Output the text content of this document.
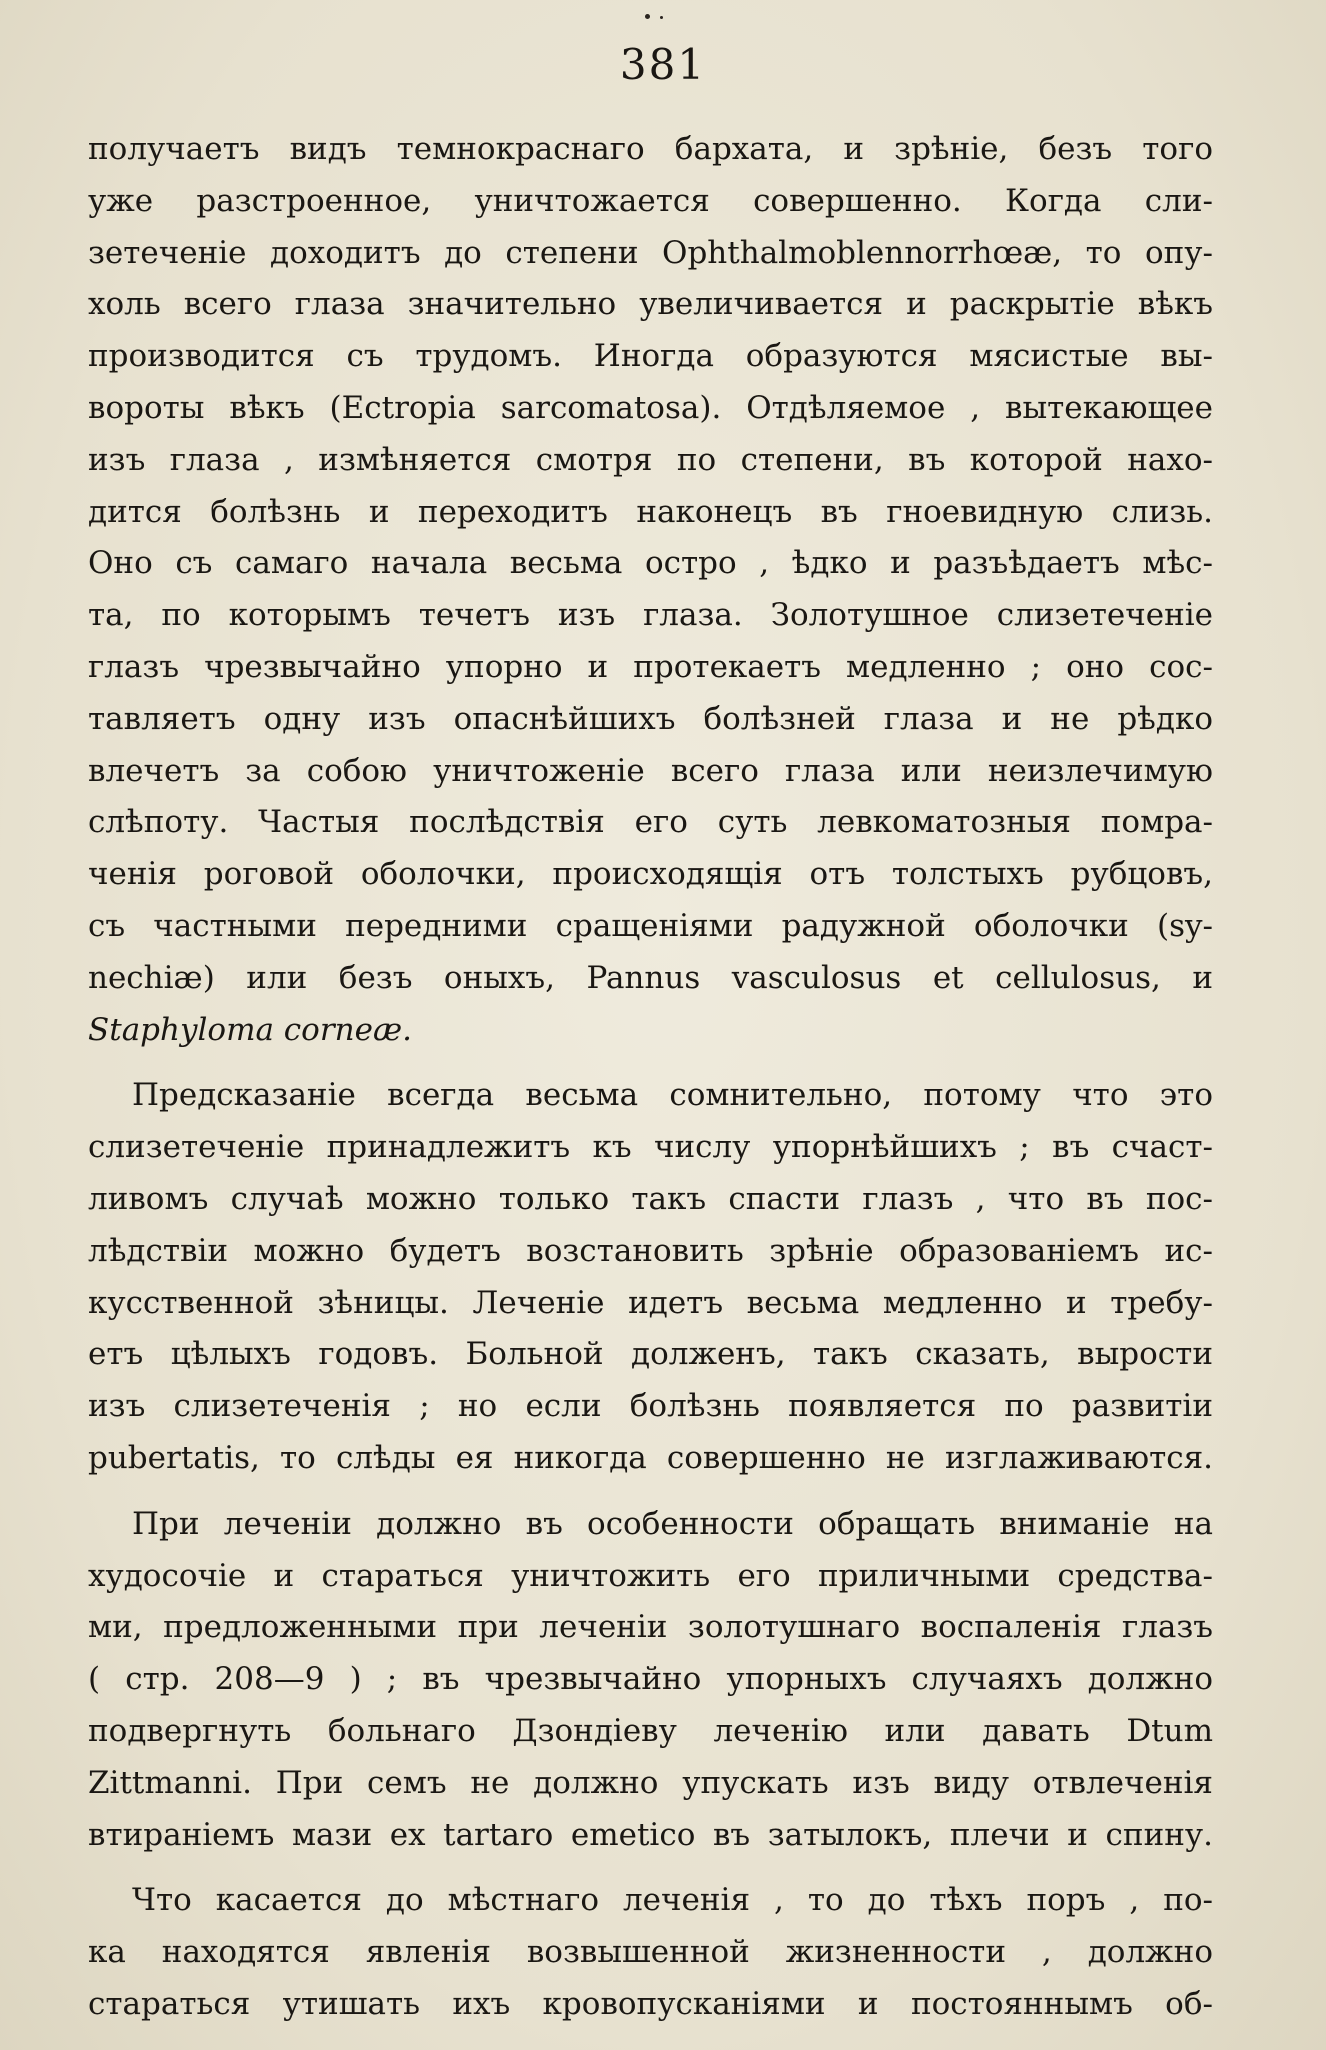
381
получаетъ видъ темнокраснаго бархата, и зрѣніе, безъ того
уже разстроенное, уничтожается совершенно. Когда сли-
зетеченіе доходитъ до степени Ophthalmoblennorrhœæ, то опу-
холь всего глаза значительно увеличивается и раскрытіе вѣкъ
производится съ трудомъ. Иногда образуются мясистые вы-
вороты вѣкъ (Ectropia sarcomatosa). Отдѣляемое , вытекающее
изъ глаза , измѣняется смотря по степени, въ которой нахо-
дится болѣзнь и переходитъ наконецъ въ гноевидную слизь.
Оно съ самаго начала весьма остро , ѣдко и разъѣдаетъ мѣс-
та, по которымъ течетъ изъ глаза. Золотушное слизетеченіе
глазъ чрезвычайно упорно и протекаетъ медленно ; оно сос-
тавляетъ одну изъ опаснѣйшихъ болѣзней глаза и не рѣдко
влечетъ за собою уничтоженіе всего глаза или неизлечимую
слѣпоту. Частыя послѣдствія его суть левкоматозныя помра-
ченія роговой оболочки, происходящія отъ толстыхъ рубцовъ,
съ частными передними сращеніями радужной оболочки (sy-
nechiæ) или безъ оныхъ, Pannus vasculosus et cellulosus, и
Staphyloma corneæ.
Предсказаніе всегда весьма сомнительно, потому что это
слизетеченіе принадлежитъ къ числу упорнѣйшихъ ; въ счаст-
ливомъ случаѣ можно только такъ спасти глазъ , что въ пос-
лѣдствіи можно будетъ возстановить зрѣніе образованіемъ ис-
кусственной зѣницы. Леченіе идетъ весьма медленно и требу-
етъ цѣлыхъ годовъ. Больной долженъ, такъ сказать, вырости
изъ слизетеченія ; но если болѣзнь появляется по развитіи
pubertatis, то слѣды ея никогда совершенно не изглаживаются.
При леченіи должно въ особенности обращать вниманіе на
худосочіе и стараться уничтожить его приличными средства-
ми, предложенными при леченіи золотушнаго воспаленія глазъ
( стр. 208—9 ) ; въ чрезвычайно упорныхъ случаяхъ должно
подвергнуть больнаго Дзондіеву леченію или давать Dtum
Zittmanni. При семъ не должно упускать изъ виду отвлеченія
втираніемъ мази ex tartaro emetico въ затылокъ, плечи и спину.
Что касается до мѣстнаго леченія , то до тѣхъ поръ , по-
ка находятся явленія возвышенной жизненности , должно
стараться утишать ихъ кровопусканіями и постояннымъ об-
